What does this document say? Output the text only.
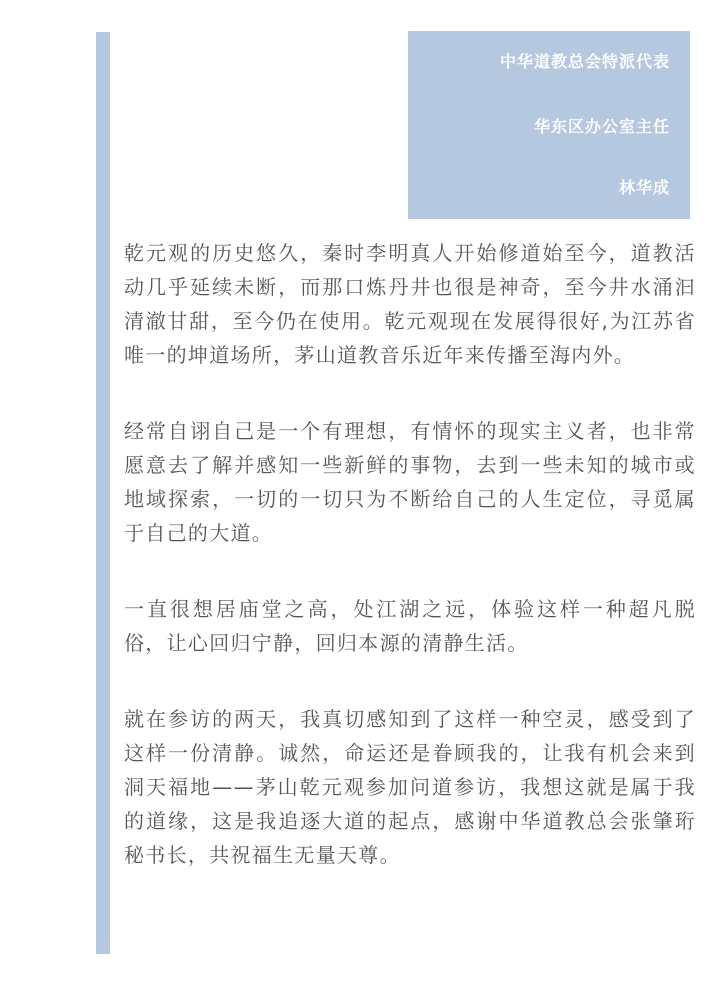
中华道教总会特派代表
华东区办公室主任
林华成

乾元观的历史悠久，秦时李明真人开始修道始至今，道教活动几乎延续未断，而那口炼丹井也很是神奇，至今井水涌汩清澈甘甜，至今仍在使用。乾元观现在发展得很好,为江苏省唯一的坤道场所，茅山道教音乐近年来传播至海内外。

经常自诩自己是一个有理想，有情怀的现实主义者，也非常愿意去了解并感知一些新鲜的事物，去到一些未知的城市或地域探索，一切的一切只为不断给自己的人生定位，寻觅属于自己的大道。

一直很想居庙堂之高，处江湖之远，体验这样一种超凡脱俗，让心回归宁静，回归本源的清静生活。

就在参访的两天，我真切感知到了这样一种空灵，感受到了这样一份清静。诚然，命运还是眷顾我的，让我有机会来到洞天福地——茅山乾元观参加问道参访，我想这就是属于我的道缘，这是我追逐大道的起点，感谢中华道教总会张肇珩秘书长，共祝福生无量天尊。
